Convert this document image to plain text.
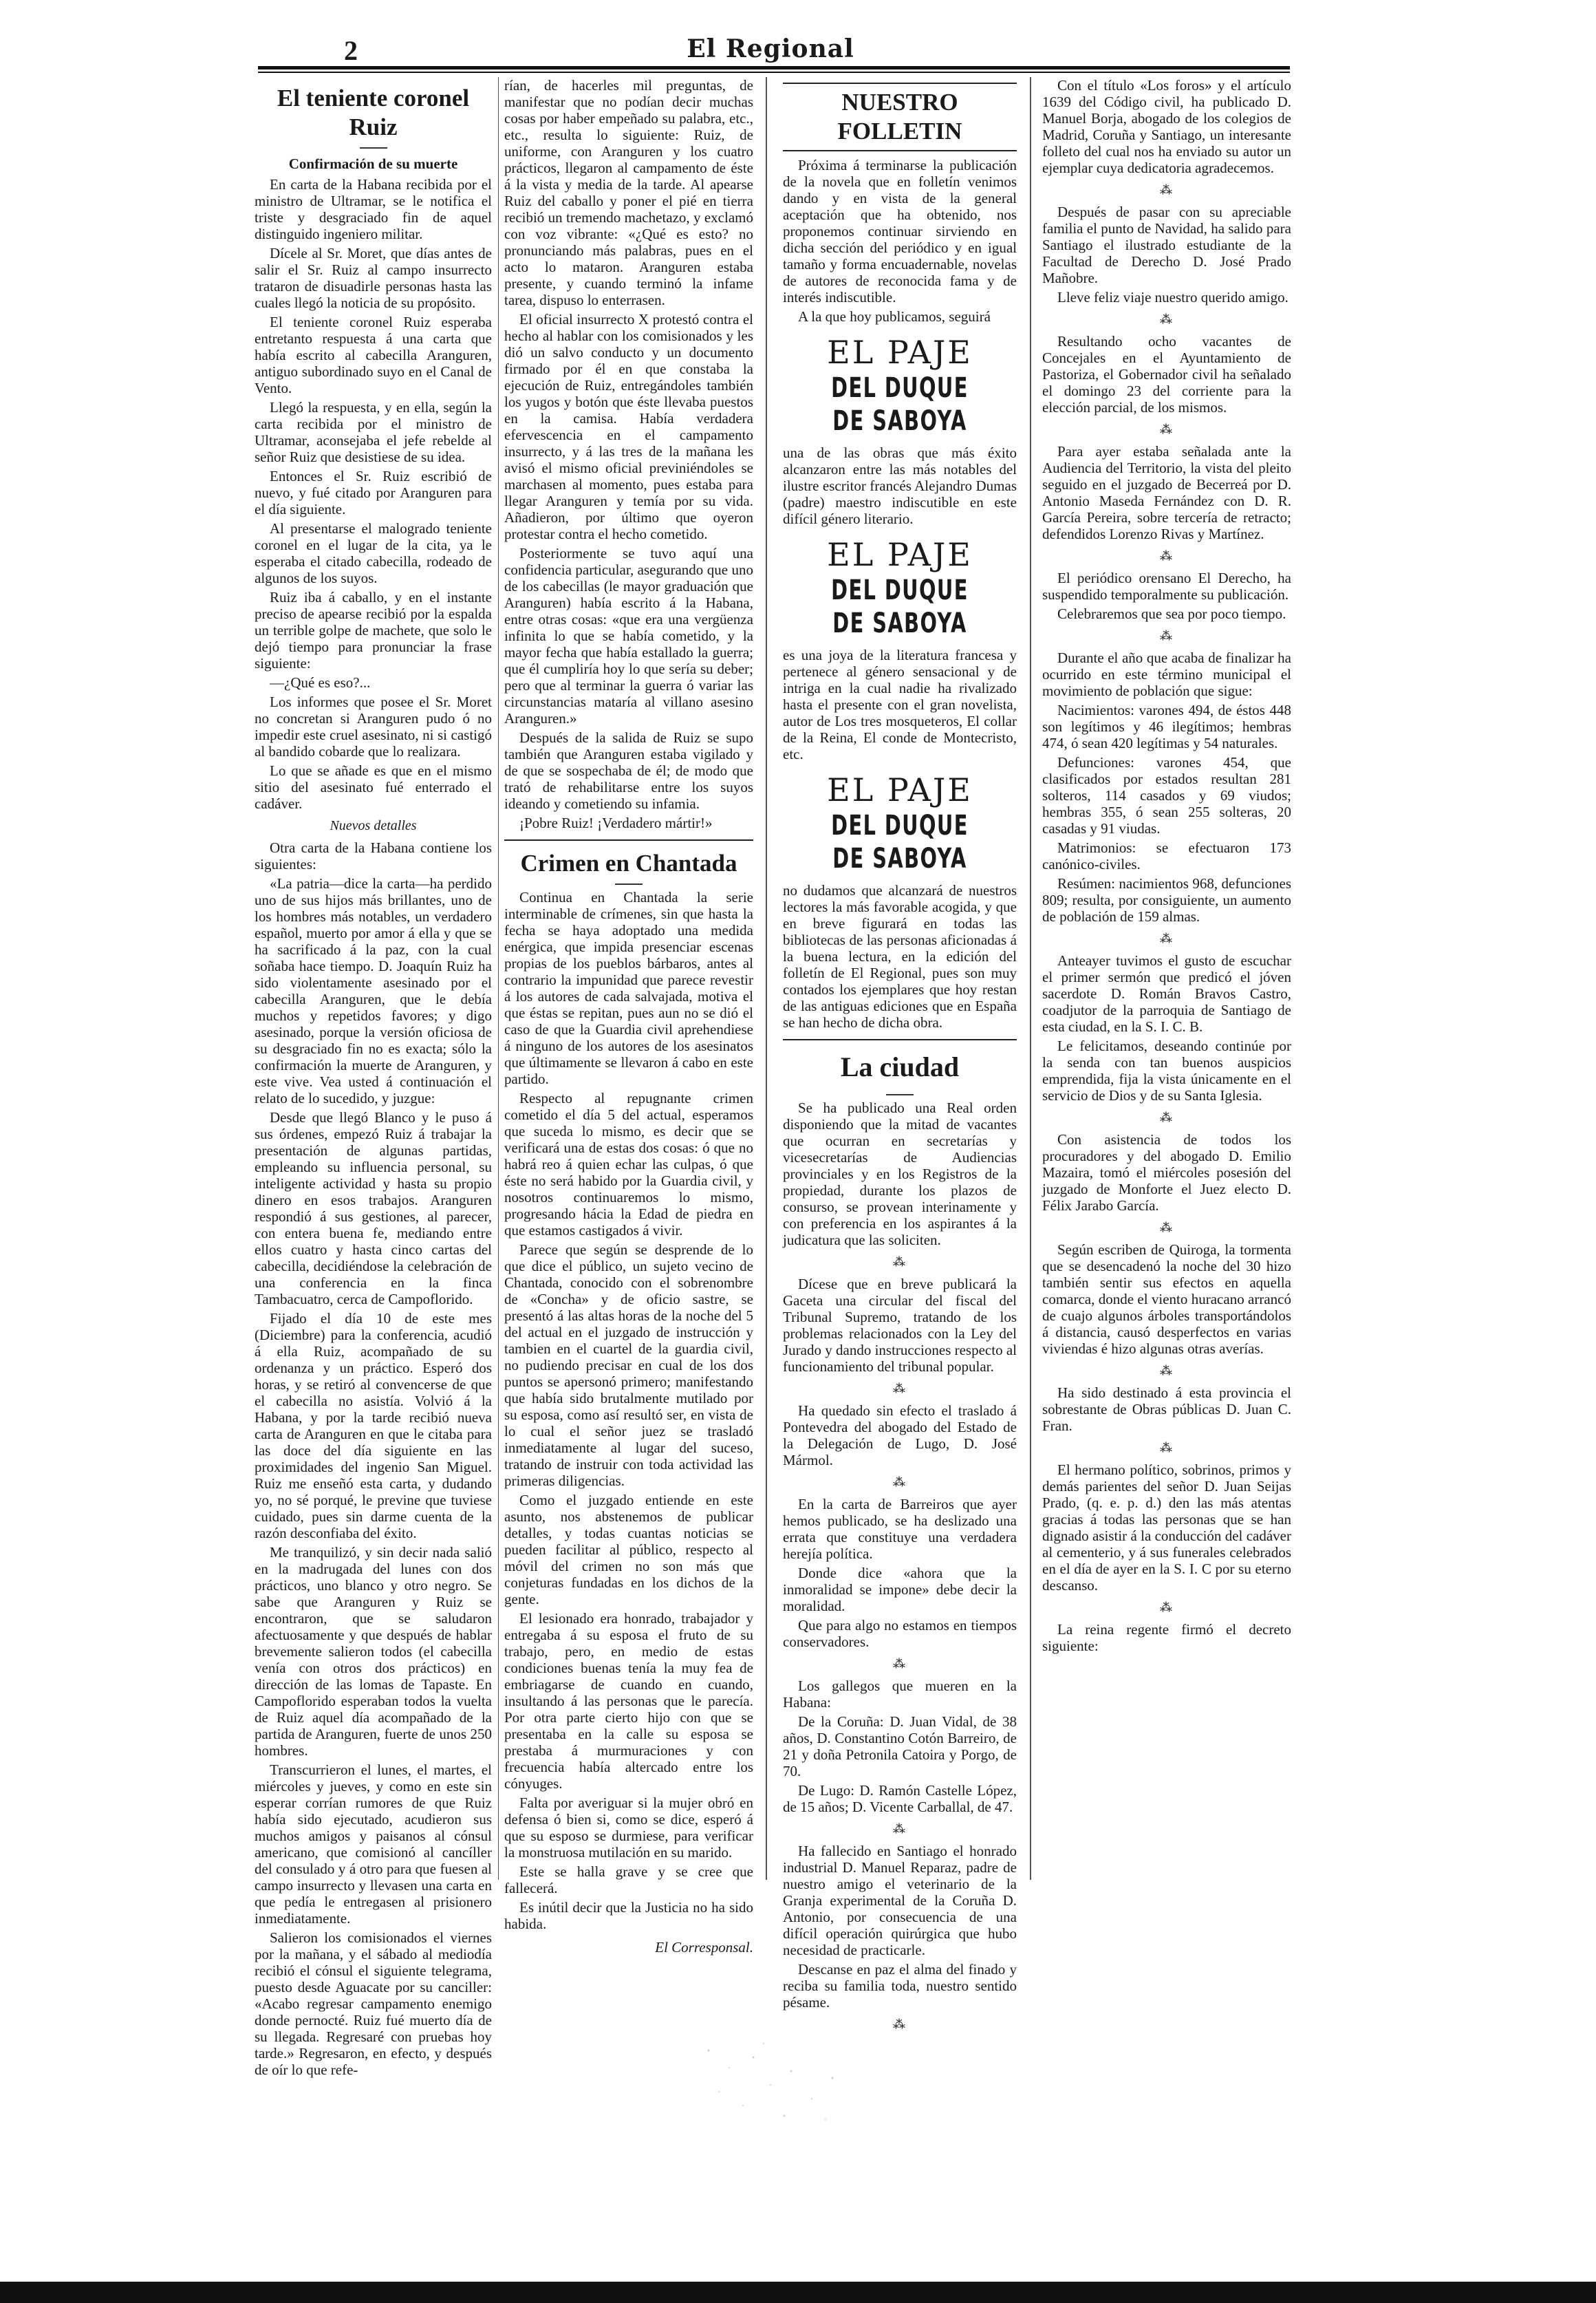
2	El Regional
El teniente coronel Ruiz
Confirmación de su muerte

En carta de la Habana recibida por el ministro de Ultramar, se le notifica el triste y desgraciado fin de aquel distinguido ingeniero militar.

Dícele al Sr. Moret, que días antes de salir el Sr. Ruiz al campo insurrecto trataron de disuadirle personas hasta las cuales llegó la noticia de su propósito.

El teniente coronel Ruiz esperaba entretanto respuesta á una carta que había escrito al cabecilla Aranguren, antiguo subordinado suyo en el Canal de Vento.

Llegó la respuesta, y en ella, según la carta recibida por el ministro de Ultramar, aconsejaba el jefe rebelde al señor Ruiz que desistiese de su idea.

Entonces el Sr. Ruiz escribió de nuevo, y fué citado por Aranguren para el día siguiente.

Al presentarse el malogrado teniente coronel en el lugar de la cita, ya le esperaba el citado cabecilla, rodeado de algunos de los suyos.

Ruiz iba á caballo, y en el instante preciso de apearse recibió por la espalda un terrible golpe de machete, que solo le dejó tiempo para pronunciar la frase siguiente:

—¿Qué es eso?...

Los informes que posee el Sr. Moret no concretan si Aranguren pudo ó no impedir este cruel asesinato, ni si castigó al bandido cobarde que lo realizara.

Lo que se añade es que en el mismo sitio del asesinato fué enterrado el cadáver.

Nuevos detalles

Otra carta de la Habana contiene los siguientes:

«La patria—dice la carta—ha perdido uno de sus hijos más brillantes, uno de los hombres más notables, un verdadero español, muerto por amor á ella y que se ha sacrificado á la paz, con la cual soñaba hace tiempo. D. Joaquín Ruiz ha sido violentamente asesinado por el cabecilla Aranguren, que le debía muchos y repetidos favores; y digo asesinado, porque la versión oficiosa de su desgraciado fin no es exacta; sólo la confirmación la muerte de Aranguren, y este vive. Vea usted á continuación el relato de lo sucedido, y juzgue:

Desde que llegó Blanco y le puso á sus órdenes, empezó Ruiz á trabajar la presentación de algunas partidas, empleando su influencia personal, su inteligente actividad y hasta su propio dinero en esos trabajos. Aranguren respondió á sus gestiones, al parecer, con entera buena fe, mediando entre ellos cuatro y hasta cinco cartas del cabecilla, decidiéndose la celebración de una conferencia en la finca Tambacuatro, cerca de Campoflorido.

Fijado el día 10 de este mes (Diciembre) para la conferencia, acudió á ella Ruiz, acompañado de su ordenanza y un práctico. Esperó dos horas, y se retiró al convencerse de que el cabecilla no asistía. Volvió á la Habana, y por la tarde recibió nueva carta de Aranguren en que le citaba para las doce del día siguiente en las proximidades del ingenio San Miguel. Ruiz me enseñó esta carta, y dudando yo, no sé porqué, le previne que tuviese cuidado, pues sin darme cuenta de la razón desconfiaba del éxito.

Me tranquilizó, y sin decir nada salió en la madrugada del lunes con dos prácticos, uno blanco y otro negro. Se sabe que Aranguren y Ruiz se encontraron, que se saludaron afectuosamente y que después de hablar brevemente salieron todos (el cabecilla venía con otros dos prácticos) en dirección de las lomas de Tapaste. En Campoflorido esperaban todos la vuelta de Ruiz aquel día acompañado de la partida de Aranguren, fuerte de unos 250 hombres.

Transcurrieron el lunes, el martes, el miércoles y jueves, y como en este sin esperar corrían rumores de que Ruiz había sido ejecutado, acudieron sus muchos amigos y paisanos al cónsul americano, que comisionó al cancíller del consulado y á otro para que fuesen al campo insurrecto y llevasen una carta en que pedía le entregasen al prisionero inmediatamente.

Salieron los comisionados el viernes por la mañana, y el sábado al mediodía recibió el cónsul el siguiente telegrama, puesto desde Aguacate por su canciller: «Acabo regresar campamento enemigo donde pernocté. Ruiz fué muerto día de su llegada. Regresaré con pruebas hoy tarde.» Regresaron, en efecto, y después de oír lo que refe-

rían, de hacerles mil preguntas, de manifestar que no podían decir muchas cosas por haber empeñado su palabra, etc., etc., resulta lo siguiente: Ruiz, de uniforme, con Aranguren y los cuatro prácticos, llegaron al campamento de éste á la vista y media de la tarde. Al apearse Ruiz del caballo y poner el pié en tierra recibió un tremendo machetazo, y exclamó con voz vibrante: «¿Qué es esto? no pronunciando más palabras, pues en el acto lo mataron. Aranguren estaba presente, y cuando terminó la infame tarea, dispuso lo enterrasen.

El oficial insurrecto X protestó contra el hecho al hablar con los comisionados y les dió un salvo conducto y un documento firmado por él en que constaba la ejecución de Ruiz, entregándoles también los yugos y botón que éste llevaba puestos en la camisa. Había verdadera efervescencia en el campamento insurrecto, y á las tres de la mañana les avisó el mismo oficial previniéndoles se marchasen al momento, pues estaba para llegar Aranguren y temía por su vida. Añadieron, por último que oyeron protestar contra el hecho cometido.

Posteriormente se tuvo aquí una confidencia particular, asegurando que uno de los cabecillas (le mayor graduación que Aranguren) había escrito á la Habana, entre otras cosas: «que era una vergüenza infinita lo que se había cometido, y la mayor fecha que había estallado la guerra; que él cumpliría hoy lo que sería su deber; pero que al terminar la guerra ó variar las circunstancias mataría al villano asesino Aranguren.»

Después de la salida de Ruiz se supo también que Aranguren estaba vigilado y de que se sospechaba de él; de modo que trató de rehabilitarse entre los suyos ideando y cometiendo su infamia.

¡Pobre Ruiz! ¡Verdadero mártir!»

Crimen en Chantada

Continua en Chantada la serie interminable de crímenes, sin que hasta la fecha se haya adoptado una medida enérgica, que impida presenciar escenas propias de los pueblos bárbaros, antes al contrario la impunidad que parece revestir á los autores de cada salvajada, motiva el que éstas se repitan, pues aun no se dió el caso de que la Guardia civil aprehendiese á ninguno de los autores de los asesinatos que últimamente se llevaron á cabo en este partido.

Respecto al repugnante crimen cometido el día 5 del actual, esperamos que suceda lo mismo, es decir que se verificará una de estas dos cosas: ó que no habrá reo á quien echar las culpas, ó que éste no será habido por la Guardia civil, y nosotros continuaremos lo mismo, progresando hácia la Edad de piedra en que estamos castigados á vivir.

Parece que según se desprende de lo que dice el público, un sujeto vecino de Chantada, conocido con el sobrenombre de «Concha» y de oficio sastre, se presentó á las altas horas de la noche del 5 del actual en el juzgado de instrucción y tambien en el cuartel de la guardia civil, no pudiendo precisar en cual de los dos puntos se apersonó primero; manifestando que había sido brutalmente mutilado por su esposa, como así resultó ser, en vista de lo cual el señor juez se trasladó inmediatamente al lugar del suceso, tratando de instruir con toda actividad las primeras diligencias.

Como el juzgado entiende en este asunto, nos abstenemos de publicar detalles, y todas cuantas noticias se pueden facilitar al público, respecto al móvil del crimen no son más que conjeturas fundadas en los dichos de la gente.

El lesionado era honrado, trabajador y entregaba á su esposa el fruto de su trabajo, pero, en medio de estas condiciones buenas tenía la muy fea de embriagarse de cuando en cuando, insultando á las personas que le parecía. Por otra parte cierto hijo con que se presentaba en la calle su esposa se prestaba á murmuraciones y con frecuencia había altercado entre los cónyuges.

Falta por averiguar si la mujer obró en defensa ó bien si, como se dice, esperó á que su esposo se durmiese, para verificar la monstruosa mutilación en su marido.

Este se halla grave y se cree que fallecerá.

Es inútil decir que la Justicia no ha sido habida.

El Corresponsal.
NUESTRO FOLLETIN

Próxima á terminarse la publicación de la novela que en folletín venimos dando y en vista de la general aceptación que ha obtenido, nos proponemos continuar sirviendo en dicha sección del periódico y en igual tamaño y forma encuadernable, novelas de autores de reconocida fama y de interés indiscutible.

A la que hoy publicamos, seguirá

EL PAJE
DEL DUQUE DE SABOYA

una de las obras que más éxito alcanzaron entre las más notables del ilustre escritor francés Alejandro Dumas (padre) maestro indiscutible en este difícil género literario.

EL PAJE
DEL DUQUE DE SABOYA

es una joya de la literatura francesa y pertenece al género sensacional y de intriga en la cual nadie ha rivalizado hasta el presente con el gran novelista, autor de Los tres mosqueteros, El collar de la Reina, El conde de Montecristo, etc.

EL PAJE
DEL DUQUE DE SABOYA

no dudamos que alcanzará de nuestros lectores la más favorable acogida, y que en breve figurará en todas las bibliotecas de las personas aficionadas á la buena lectura, en la edición del folletín de El Regional, pues son muy contados los ejemplares que hoy restan de las antiguas ediciones que en España se han hecho de dicha obra.

La ciudad

Se ha publicado una Real orden disponiendo que la mitad de vacantes que ocurran en secretarías y vicesecretarías de Audiencias provinciales y en los Registros de la propiedad, durante los plazos de consurso, se provean interinamente y con preferencia en los aspirantes á la judicatura que las soliciten.

⁂

Dícese que en breve publicará la Gaceta una circular del fiscal del Tribunal Supremo, tratando de los problemas relacionados con la Ley del Jurado y dando instrucciones respecto al funcionamiento del tribunal popular.

⁂

Ha quedado sin efecto el traslado á Pontevedra del abogado del Estado de la Delegación de Lugo, D. José Mármol.

⁂

En la carta de Barreiros que ayer hemos publicado, se ha deslizado una errata que constituye una verdadera herejía política.

Donde dice «ahora que la inmoralidad se impone» debe decir la moralidad.

Que para algo no estamos en tiempos conservadores.

⁂

Los gallegos que mueren en la Habana:

De la Coruña: D. Juan Vidal, de 38 años, D. Constantino Cotón Barreiro, de 21 y doña Petronila Catoira y Porgo, de 70.

De Lugo: D. Ramón Castelle López, de 15 años; D. Vicente Carballal, de 47.

⁂

Ha fallecido en Santiago el honrado industrial D. Manuel Reparaz, padre de nuestro amigo el veterinario de la Granja experimental de la Coruña D. Antonio, por consecuencia de una difícil operación quirúrgica que hubo necesidad de practicarle.

Descanse en paz el alma del finado y reciba su familia toda, nuestro sentido pésame.

⁂

Con el título «Los foros» y el artículo 1639 del Código civil, ha publicado D. Manuel Borja, abogado de los colegios de Madrid, Coruña y Santiago, un interesante folleto del cual nos ha enviado su autor un ejemplar cuya dedicatoria agradecemos.

⁂

Después de pasar con su apreciable familia el punto de Navidad, ha salido para Santiago el ilustrado estudiante de la Facultad de Derecho D. José Prado Mañobre.

Lleve feliz viaje nuestro querido amigo.

⁂

Resultando ocho vacantes de Concejales en el Ayuntamiento de Pastoriza, el Gobernador civil ha señalado el domingo 23 del corriente para la elección parcial, de los mismos.

⁂

Para ayer estaba señalada ante la Audiencia del Territorio, la vista del pleito seguido en el juzgado de Becerreá por D. Antonio Maseda Fernández con D. R. García Pereira, sobre tercería de retracto; defendidos Lorenzo Rivas y Martínez.

⁂

El periódico orensano El Derecho, ha suspendido temporalmente su publicación.

Celebraremos que sea por poco tiempo.

⁂

Durante el año que acaba de finalizar ha ocurrido en este término municipal el movimiento de población que sigue:

Nacimientos: varones 494, de éstos 448 son legítimos y 46 ilegítimos; hembras 474, ó sean 420 legítimas y 54 naturales.

Defunciones: varones 454, que clasificados por estados resultan 281 solteros, 114 casados y 69 viudos; hembras 355, ó sean 255 solteras, 20 casadas y 91 viudas.

Matrimonios: se efectuaron 173 canónico-civiles.

Resúmen: nacimientos 968, defunciones 809; resulta, por consiguiente, un aumento de población de 159 almas.

⁂

Anteayer tuvimos el gusto de escuchar el primer sermón que predicó el jóven sacerdote D. Román Bravos Castro, coadjutor de la parroquia de Santiago de esta ciudad, en la S. I. C. B.

Le felicitamos, deseando continúe por la senda con tan buenos auspicios emprendida, fija la vista únicamente en el servicio de Dios y de su Santa Iglesia.

⁂

Con asistencia de todos los procuradores y del abogado D. Emilio Mazaira, tomó el miércoles posesión del juzgado de Monforte el Juez electo D. Félix Jarabo García.

⁂

Según escriben de Quiroga, la tormenta que se desencadenó la noche del 30 hizo también sentir sus efectos en aquella comarca, donde el viento huracano arrancó de cuajo algunos árboles transportándolos á distancia, causó desperfectos en varias viviendas é hizo algunas otras averías.

⁂

Ha sido destinado á esta provincia el sobrestante de Obras públicas D. Juan C. Fran.

⁂

El hermano político, sobrinos, primos y demás parientes del señor D. Juan Seijas Prado, (q. e. p. d.) den las más atentas gracias á todas las personas que se han dignado asistir á la conducción del cadáver al cementerio, y á sus funerales celebrados en el día de ayer en la S. I. C por su eterno descanso.

⁂

La reina regente firmó el decreto siguiente:
